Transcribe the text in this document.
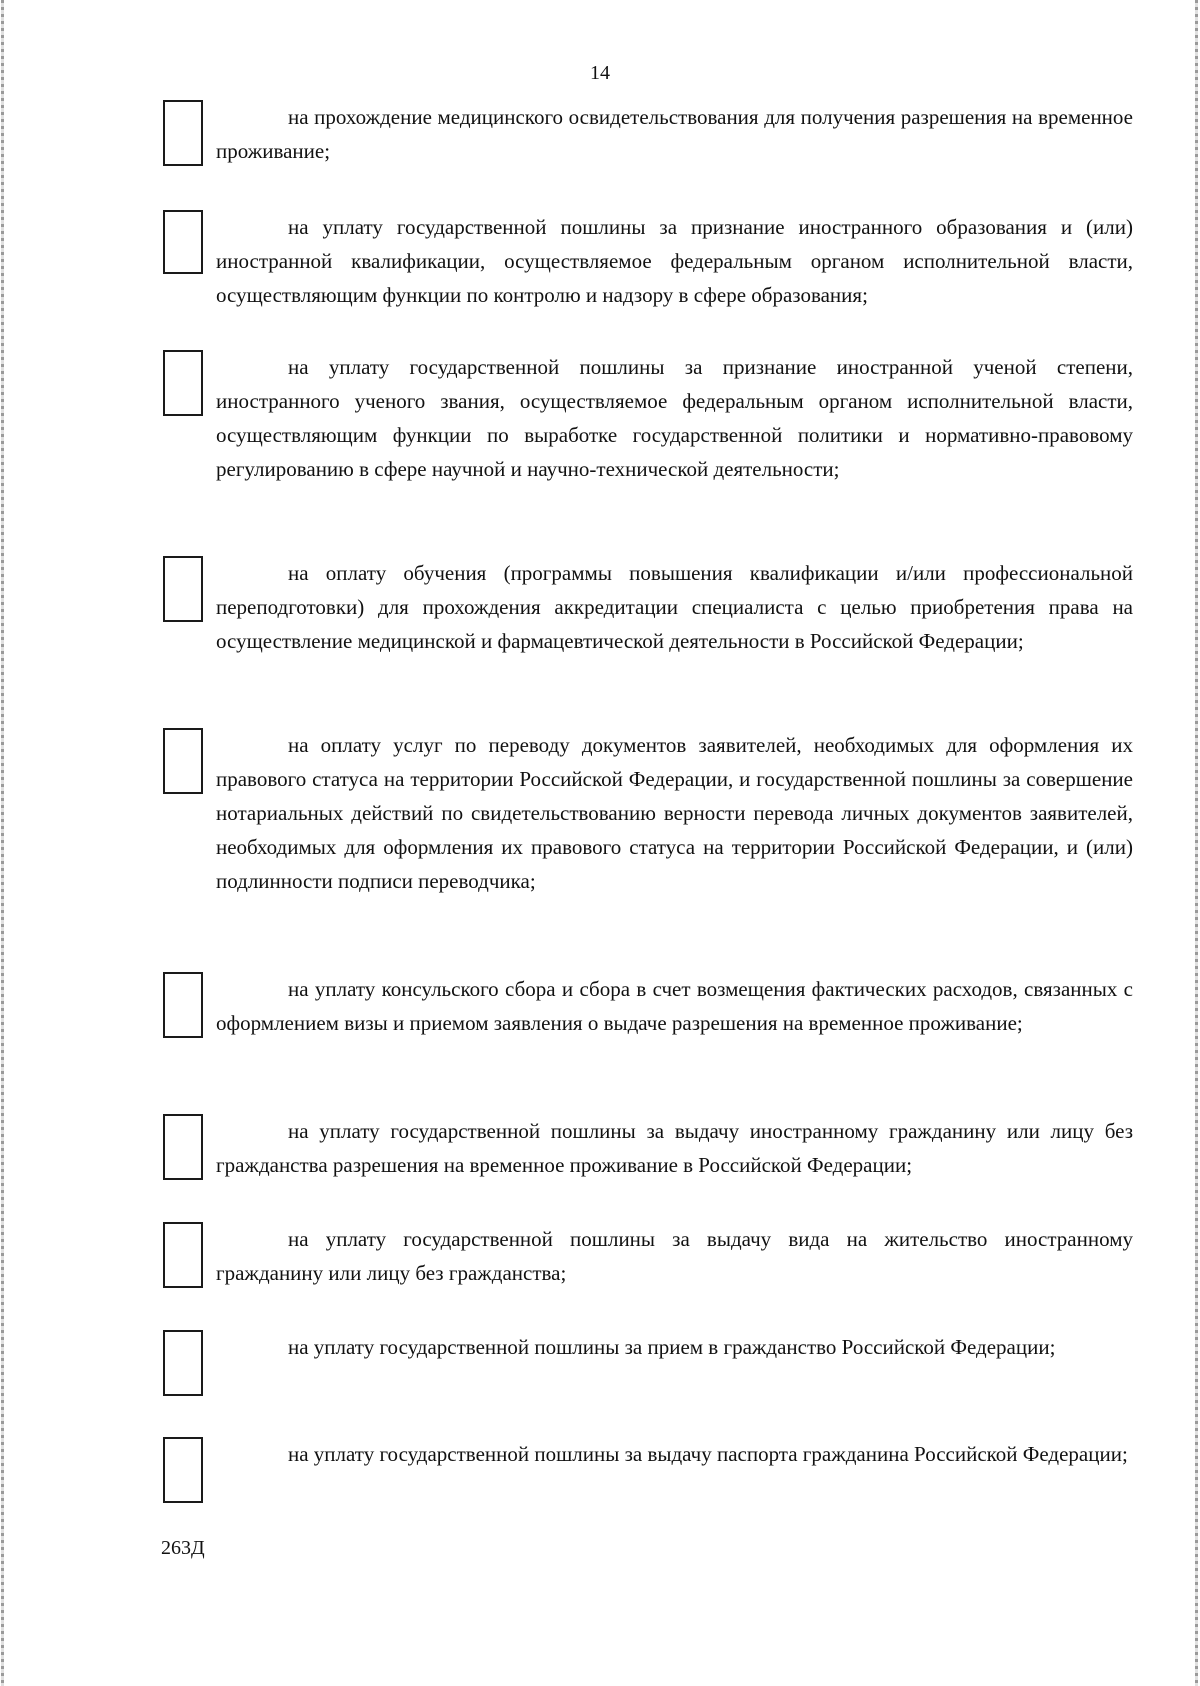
14

на прохождение медицинского освидетельствования для получения разрешения на временное проживание;

на уплату государственной пошлины за признание иностранного образования и (или) иностранной квалификации, осуществляемое федеральным органом исполнительной власти, осуществляющим функции по контролю и надзору в сфере образования;

на уплату государственной пошлины за признание иностранной ученой степени, иностранного ученого звания, осуществляемое федеральным органом исполнительной власти, осуществляющим функции по выработке государственной политики и нормативно-правовому регулированию в сфере научной и научно-технической деятельности;

на оплату обучения (программы повышения квалификации и/или профессиональной переподготовки) для прохождения аккредитации специалиста с целью приобретения права на осуществление медицинской и фармацевтической деятельности в Российской Федерации;

на оплату услуг по переводу документов заявителей, необходимых для оформления их правового статуса на территории Российской Федерации, и государственной пошлины за совершение нотариальных действий по свидетельствованию верности перевода личных документов заявителей, необходимых для оформления их правового статуса на территории Российской Федерации, и (или) подлинности подписи переводчика;

на уплату консульского сбора и сбора в счет возмещения фактических расходов, связанных с оформлением визы и приемом заявления о выдаче разрешения на временное проживание;

на уплату государственной пошлины за выдачу иностранному гражданину или лицу без гражданства разрешения на временное проживание в Российской Федерации;

на уплату государственной пошлины за выдачу вида на жительство иностранному гражданину или лицу без гражданства;

на уплату государственной пошлины за прием в гражданство Российской Федерации;

на уплату государственной пошлины за выдачу паспорта гражданина Российской Федерации;

263Д
